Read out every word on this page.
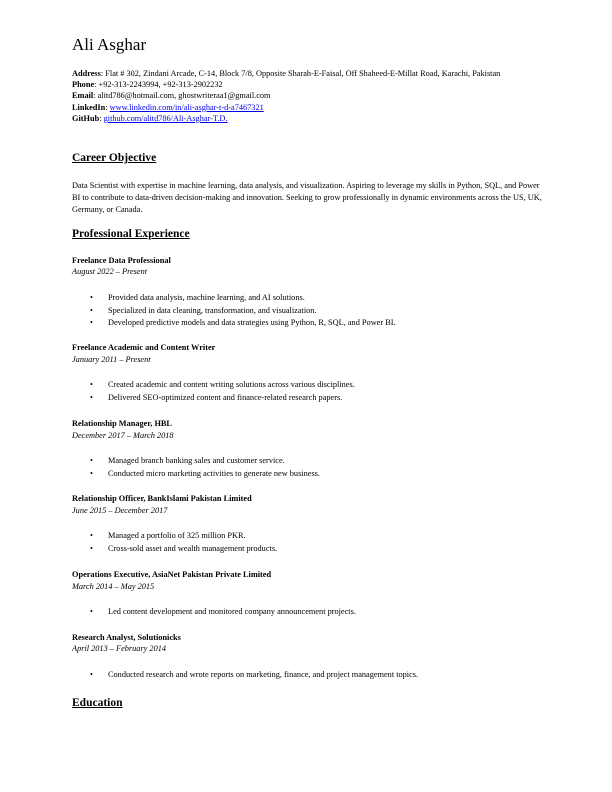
Ali Asghar
Address: Flat # 302, Zindani Arcade, C-14, Block 7/8, Opposite Sharah-E-Faisal, Off Shaheed-E-Millat Road, Karachi, Pakistan
Phone: +92-313-2243994, +92-313-2902232
Email: alitd786@hotmail.com, ghostwriteraa1@gmail.com
LinkedIn: www.linkedin.com/in/ali-asghar-t-d-a7467321
GitHub: github.com/alitd786/Ali-Asghar-T.D.
Career Objective
Data Scientist with expertise in machine learning, data analysis, and visualization. Aspiring to leverage my skills in Python, SQL, and Power BI to contribute to data-driven decision-making and innovation. Seeking to grow professionally in dynamic environments across the US, UK, Germany, or Canada.
Professional Experience
Freelance Data Professional
August 2022 – Present
• Provided data analysis, machine learning, and AI solutions.
• Specialized in data cleaning, transformation, and visualization.
• Developed predictive models and data strategies using Python, R, SQL, and Power BI.
Freelance Academic and Content Writer
January 2011 – Present
• Created academic and content writing solutions across various disciplines.
• Delivered SEO-optimized content and finance-related research papers.
Relationship Manager, HBL
December 2017 – March 2018
• Managed branch banking sales and customer service.
• Conducted micro marketing activities to generate new business.
Relationship Officer, BankIslami Pakistan Limited
June 2015 – December 2017
• Managed a portfolio of 325 million PKR.
• Cross-sold asset and wealth management products.
Operations Executive, AsiaNet Pakistan Private Limited
March 2014 – May 2015
• Led content development and monitored company announcement projects.
Research Analyst, Solutionicks
April 2013 – February 2014
• Conducted research and wrote reports on marketing, finance, and project management topics.
Education
